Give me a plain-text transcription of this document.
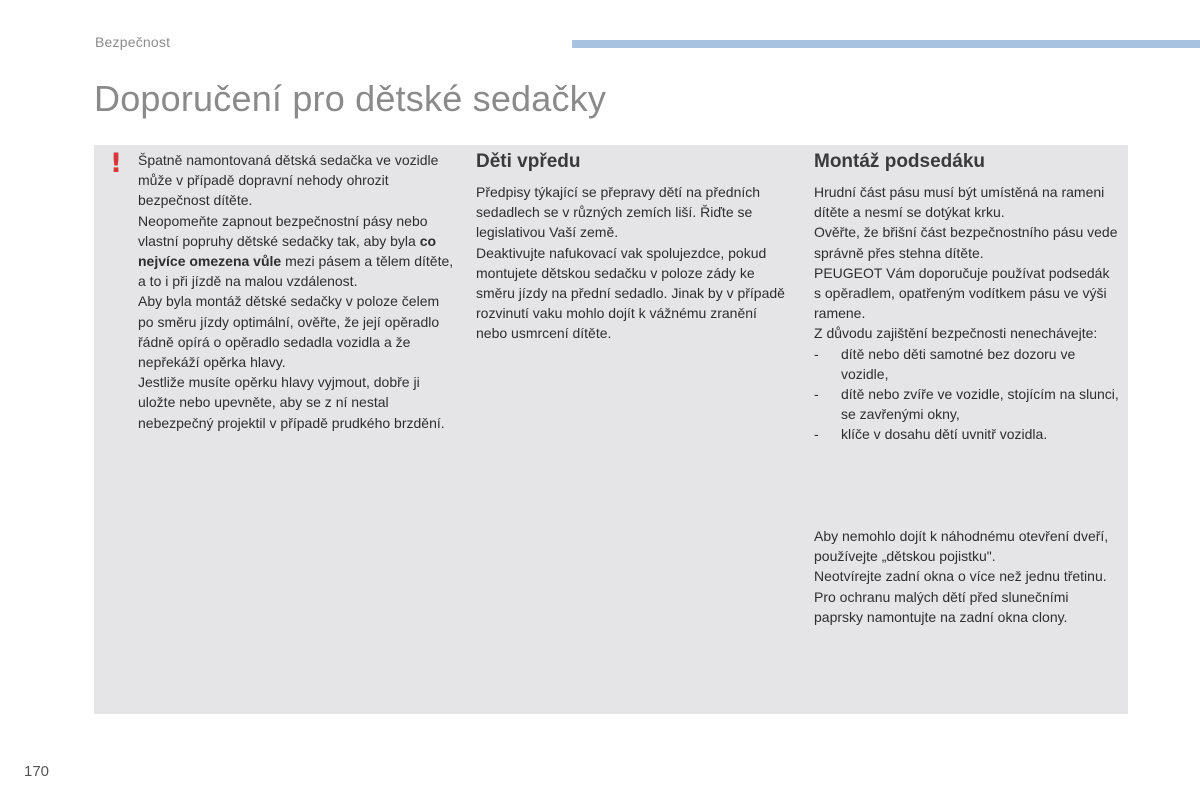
Bezpečnost
Doporučení pro dětské sedačky
! Špatně namontovaná dětská sedačka ve vozidle může v případě dopravní nehody ohrozit bezpečnost dítěte.

Neopomeňte zapnout bezpečnostní pásy nebo vlastní popruhy dětské sedačky tak, aby byla co nejvíce omezena vůle mezi pásem a tělem dítěte, a to i při jízdě na malou vzdálenost.

Aby byla montáž dětské sedačky v poloze čelem po směru jízdy optimální, ověřte, že její opěradlo řádně opírá o opěradlo sedadla vozidla a že nepřekáží opěrka hlavy.

Jestliže musíte opěrku hlavy vyjmout, dobře ji uložte nebo upevněte, aby se z ní nestal nebezpečný projektil v případě prudkého brzdění.

Děti vpředu

Předpisy týkající se přepravy dětí na předních sedadlech se v různých zemích liší. Řiďte se legislativou Vaší země.

Deaktivujte nafukovací vak spolujezdce, pokud montujete dětskou sedačku v poloze zády ke směru jízdy na přední sedadlo. Jinak by v případě rozvinutí vaku mohlo dojít k vážnému zranění nebo usmrcení dítěte.

Montáž podsedáku

Hrudní část pásu musí být umístěná na rameni dítěte a nesmí se dotýkat krku.

Ověřte, že břišní část bezpečnostního pásu vede správně přes stehna dítěte.

PEUGEOT Vám doporučuje používat podsedák s opěradlem, opatřeným vodítkem pásu ve výši ramene.

Z důvodu zajištění bezpečnosti nenechávejte:

- dítě nebo děti samotné bez dozoru ve vozidle,
- dítě nebo zvíře ve vozidle, stojícím na slunci, se zavřenými okny,
- klíče v dosahu dětí uvnitř vozidla.

Aby nemohlo dojít k náhodnému otevření dveří, používejte „dětskou pojistku".

Neotvírejte zadní okna o více než jednu třetinu.

Pro ochranu malých dětí před slunečními paprsky namontujte na zadní okna clony.

170
